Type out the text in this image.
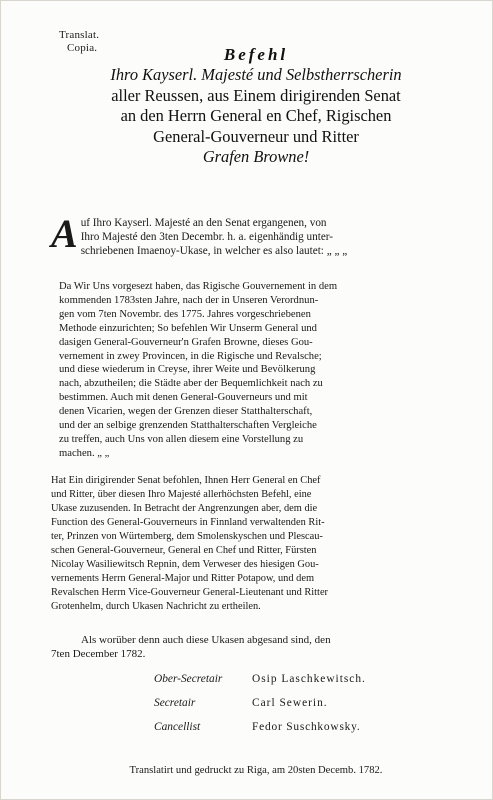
Translat.
Copia.	Befehl
Ihro Kayserl. Majesté und Selbstherrscherin
aller Reussen, aus Einem dirigirenden Senat
an den Herrn General en Chef, Rigischen
General-Gouverneur und Ritter
Grafen Browne!
A uf Ihro Kayserl. Majesté an den Senat ergangenen, von
Ihro Majesté den 3ten Decembr. h. a. eigenhändig unter-
schriebenen Imaenoy-Ukase, in welcher es also lautet: „ „ „
Da Wir Uns vorgesezt haben, das Rigische Gouvernement in dem
kommenden 1783sten Jahre, nach der in Unseren Verordnun-
gen vom 7ten Novembr. des 1775. Jahres vorgeschriebenen
Methode einzurichten; So befehlen Wir Unserm General und
dasigen General-Gouverneur'n Grafen Browne, dieses Gou-
vernement in zwey Provincen, in die Rigische und Revalsche;
und diese wiederum in Creyse, ihrer Weite und Bevölkerung
nach, abzutheilen; die Städte aber der Bequemlichkeit nach zu
bestimmen. Auch mit denen General-Gouverneurs und mit
denen Vicarien, wegen der Grenzen dieser Statthalterschaft,
und der an selbige grenzenden Statthalterschaften Vergleiche
zu treffen, auch Uns von allen diesem eine Vorstellung zu
machen. „ „
Hat Ein dirigirender Senat befohlen, Ihnen Herr General en Chef
und Ritter, über diesen Ihro Majesté allerhöchsten Befehl, eine
Ukase zuzusenden. In Betracht der Angrenzungen aber, dem die
Function des General-Gouverneurs in Finnland verwaltenden Rit-
ter, Prinzen von Würtemberg, dem Smolenskyschen und Plescau-
schen General-Gouverneur, General en Chef und Ritter, Fürsten
Nicolay Wasiliewitsch Repnin, dem Verweser des hiesigen Gou-
vernements Herrn General-Major und Ritter Potapow, und dem
Revalschen Herrn Vice-Gouverneur General-Lieutenant und Ritter
Grotenhelm, durch Ukasen Nachricht zu ertheilen.
Als worüber denn auch diese Ukasen abgesand sind, den
7ten December 1782.
Ober-Secretair	Osip Laschkewitsch.
Secretair	Carl Sewerin.
Cancellist	Fedor Suschkowsky.
Translatirt und gedruckt zu Riga, am 20sten Decemb. 1782.
